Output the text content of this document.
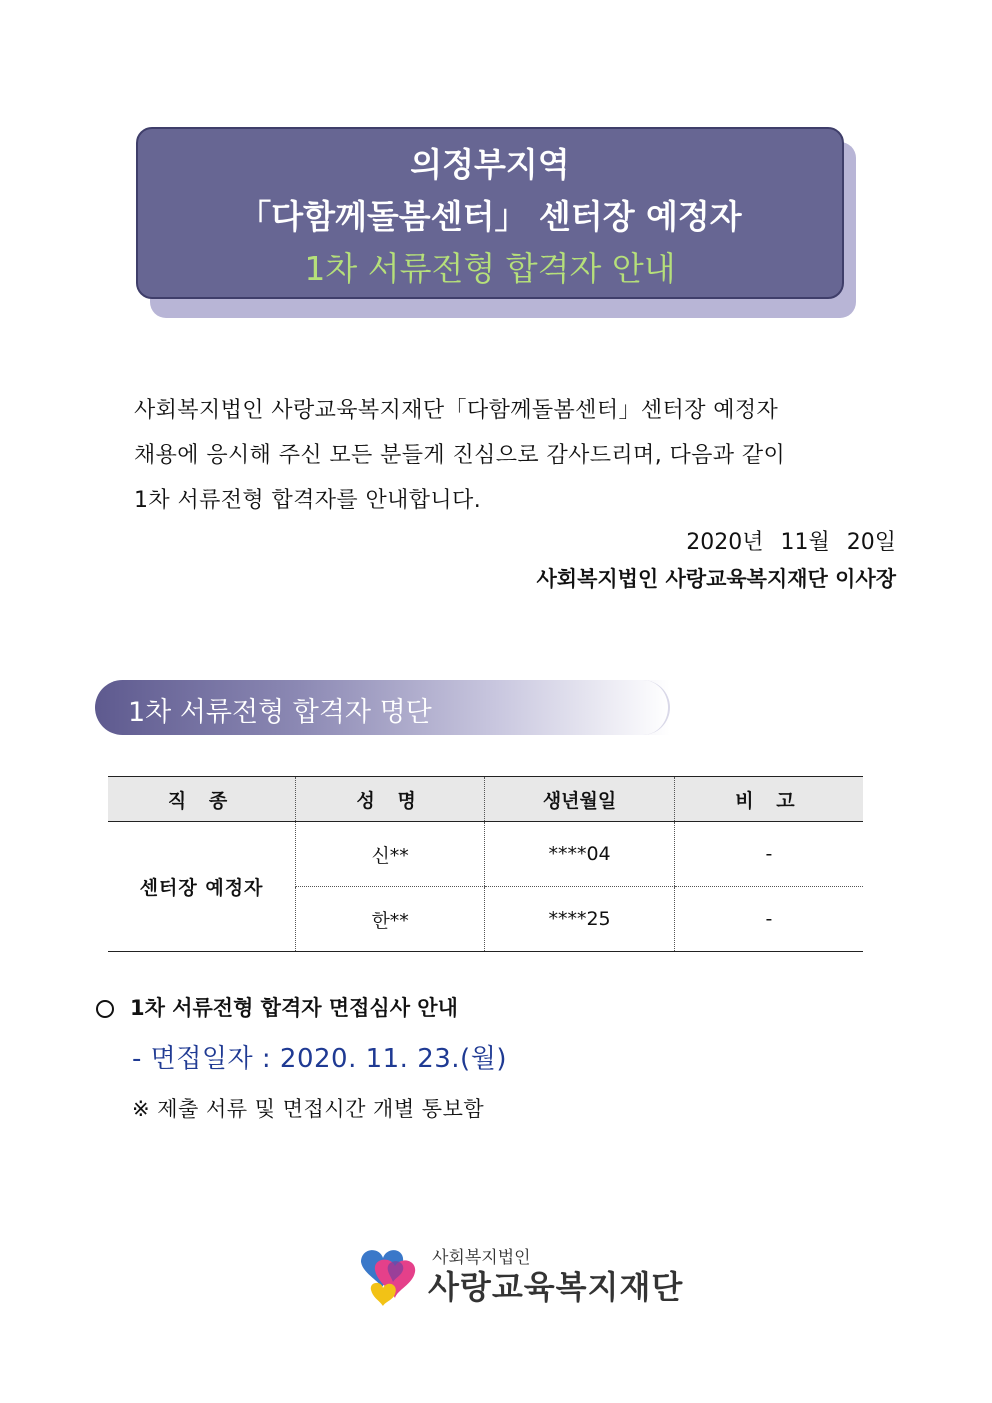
의정부지역
「다함께돌봄센터」 센터장 예정자
1차 서류전형 합격자 안내
사회복지법인 사랑교육복지재단「다함께돌봄센터」센터장 예정자
채용에 응시해 주신 모든 분들게 진심으로 감사드리며, 다음과 같이
1차 서류전형 합격자를 안내합니다.
2020년 11월 20일
사회복지법인 사랑교육복지재단 이사장
1차 서류전형 합격자 명단
직 종	성 명	생년월일	비 고
센터장 예정자	신**	****04	-
	한**	****25	-
1차 서류전형 합격자 면접심사 안내
- 면접일자 : 2020. 11. 23.(월)
※ 제출 서류 및 면접시간 개별 통보함
사회복지법인
사랑교육복지재단
